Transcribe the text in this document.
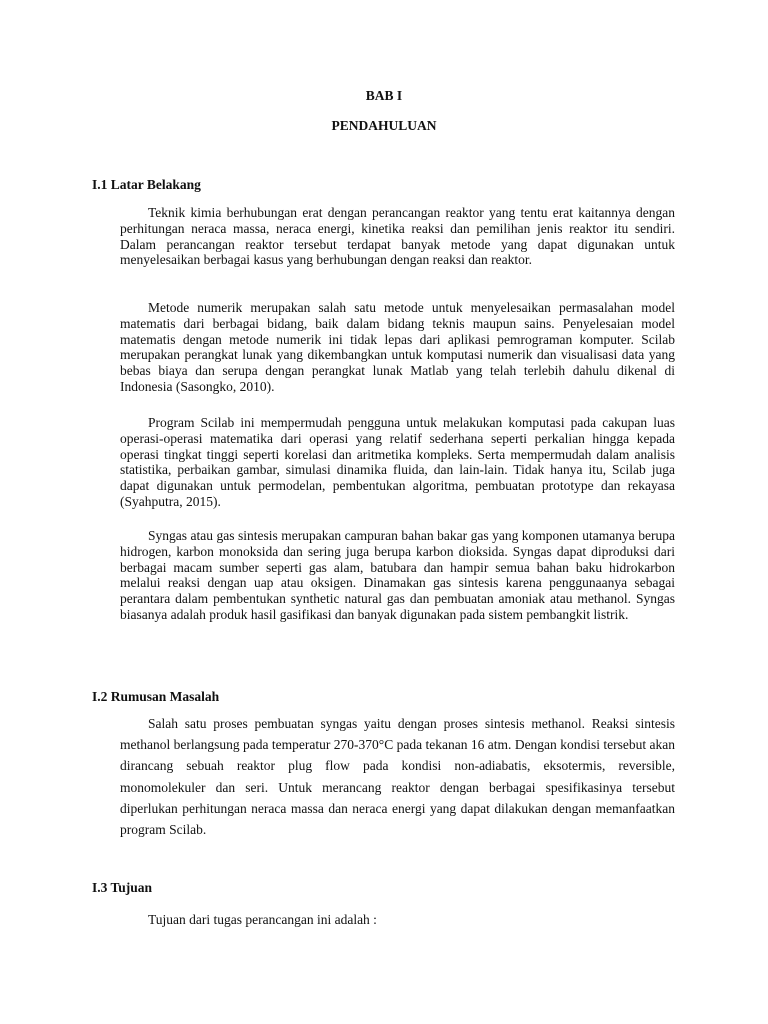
BAB I

PENDAHULUAN

I.1 Latar Belakang

Teknik kimia berhubungan erat dengan perancangan reaktor yang tentu erat kaitannya dengan perhitungan neraca massa, neraca energi, kinetika reaksi dan pemilihan jenis reaktor itu sendiri. Dalam perancangan reaktor tersebut terdapat banyak metode yang dapat digunakan untuk menyelesaikan berbagai kasus yang berhubungan dengan reaksi dan reaktor.

Metode numerik merupakan salah satu metode untuk menyelesaikan permasalahan model matematis dari berbagai bidang, baik dalam bidang teknis maupun sains. Penyelesaian model matematis dengan metode numerik ini tidak lepas dari aplikasi pemrograman komputer. Scilab merupakan perangkat lunak yang dikembangkan untuk komputasi numerik dan visualisasi data yang bebas biaya dan serupa dengan perangkat lunak Matlab yang telah terlebih dahulu dikenal di Indonesia (Sasongko, 2010).

Program Scilab ini mempermudah pengguna untuk melakukan komputasi pada cakupan luas operasi-operasi matematika dari operasi yang relatif sederhana seperti perkalian hingga kepada operasi tingkat tinggi seperti korelasi dan aritmetika kompleks. Serta mempermudah dalam analisis statistika, perbaikan gambar, simulasi dinamika fluida, dan lain-lain. Tidak hanya itu, Scilab juga dapat digunakan untuk permodelan, pembentukan algoritma, pembuatan prototype dan rekayasa (Syahputra, 2015).

Syngas atau gas sintesis merupakan campuran bahan bakar gas yang komponen utamanya berupa hidrogen, karbon monoksida dan sering juga berupa karbon dioksida. Syngas dapat diproduksi dari berbagai macam sumber seperti gas alam, batubara dan hampir semua bahan baku hidrokarbon melalui reaksi dengan uap atau oksigen. Dinamakan gas sintesis karena penggunaanya sebagai perantara dalam pembentukan synthetic natural gas dan pembuatan amoniak atau methanol. Syngas biasanya adalah produk hasil gasifikasi dan banyak digunakan pada sistem pembangkit listrik.

I.2 Rumusan Masalah

Salah satu proses pembuatan syngas yaitu dengan proses sintesis methanol. Reaksi sintesis methanol berlangsung pada temperatur 270-370°C pada tekanan 16 atm. Dengan kondisi tersebut akan dirancang sebuah reaktor plug flow pada kondisi non-adiabatis, eksotermis, reversible, monomolekuler dan seri. Untuk merancang reaktor dengan berbagai spesifikasinya tersebut diperlukan perhitungan neraca massa dan neraca energi yang dapat dilakukan dengan memanfaatkan program Scilab.

I.3 Tujuan

Tujuan dari tugas perancangan ini adalah :
